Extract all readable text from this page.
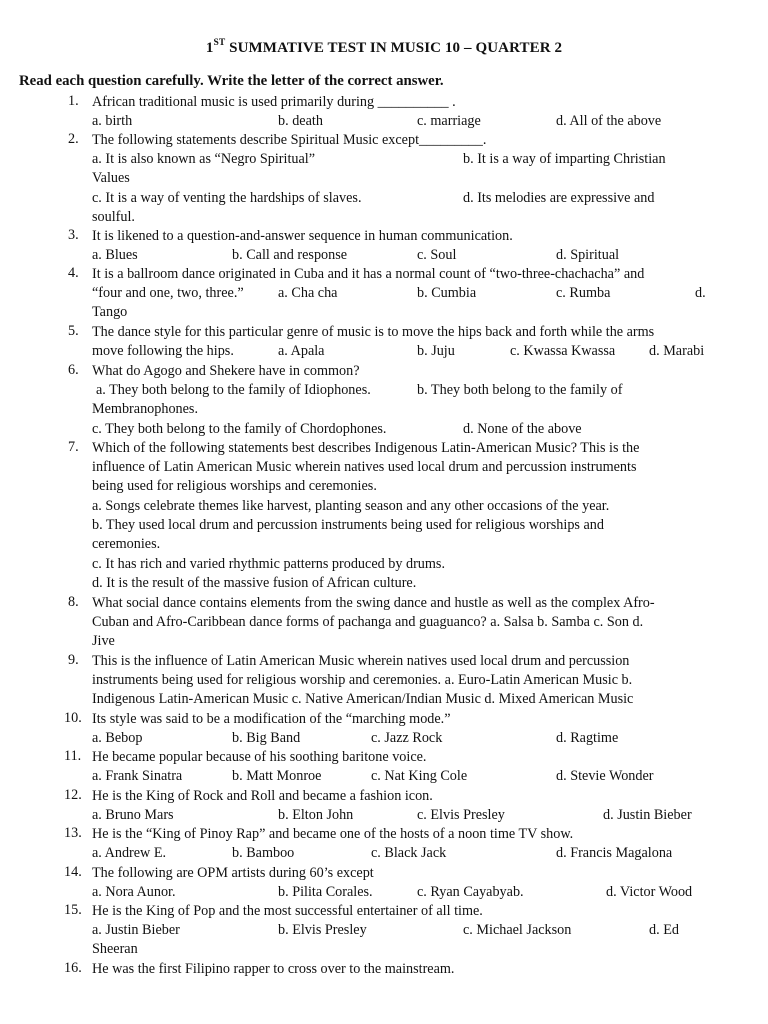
1ST SUMMATIVE TEST IN MUSIC 10 – QUARTER 2
Read each question carefully. Write the letter of the correct answer.
1. African traditional music is used primarily during __________ .
a. birth	b. death	c. marriage	d. All of the above
2. The following statements describe Spiritual Music except_________.
a. It is also known as “Negro Spiritual”	b. It is a way of imparting Christian
Values
c. It is a way of venting the hardships of slaves.	d. Its melodies are expressive and
soulful.
3. It is likened to a question-and-answer sequence in human communication.
a. Blues	b. Call and response	c. Soul	d. Spiritual
4. It is a ballroom dance originated in Cuba and it has a normal count of “two-three-chachacha” and
“four and one, two, three.” a. Cha cha	b. Cumbia	c. Rumba	d.
Tango
5. The dance style for this particular genre of music is to move the hips back and forth while the arms
move following the hips.	a. Apala	b. Juju	c. Kwassa Kwassa d. Marabi
6. What do Agogo and Shekere have in common?
a. They both belong to the family of Idiophones.	b. They both belong to the family of
Membranophones.
c. They both belong to the family of Chordophones.	d. None of the above
7. Which of the following statements best describes Indigenous Latin-American Music? This is the
influence of Latin American Music wherein natives used local drum and percussion instruments
being used for religious worships and ceremonies.
a. Songs celebrate themes like harvest, planting season and any other occasions of the year.
b. They used local drum and percussion instruments being used for religious worships and
ceremonies.
c. It has rich and varied rhythmic patterns produced by drums.
d. It is the result of the massive fusion of African culture.
8. What social dance contains elements from the swing dance and hustle as well as the complex Afro-
Cuban and Afro-Caribbean dance forms of pachanga and guaguanco? a. Salsa b. Samba c. Son d.
Jive
9. This is the influence of Latin American Music wherein natives used local drum and percussion
instruments being used for religious worship and ceremonies. a. Euro-Latin American Music b.
Indigenous Latin-American Music c. Native American/Indian Music d. Mixed American Music
10. Its style was said to be a modification of the “marching mode.”
a. Bebop	b. Big Band	c. Jazz Rock	d. Ragtime
11. He became popular because of his soothing baritone voice.
a. Frank Sinatra	b. Matt Monroe	c. Nat King Cole	d. Stevie Wonder
12. He is the King of Rock and Roll and became a fashion icon.
a. Bruno Mars	b. Elton John	c. Elvis Presley	d. Justin Bieber
13. He is the “King of Pinoy Rap” and became one of the hosts of a noon time TV show.
a. Andrew E.	b. Bamboo	c. Black Jack	d. Francis Magalona
14. The following are OPM artists during 60’s except
a. Nora Aunor.	b. Pilita Corales.	c. Ryan Cayabyab.	d. Victor Wood
15. He is the King of Pop and the most successful entertainer of all time.
a. Justin Bieber	b. Elvis Presley	c. Michael Jackson	d. Ed
Sheeran
16. He was the first Filipino rapper to cross over to the mainstream.
